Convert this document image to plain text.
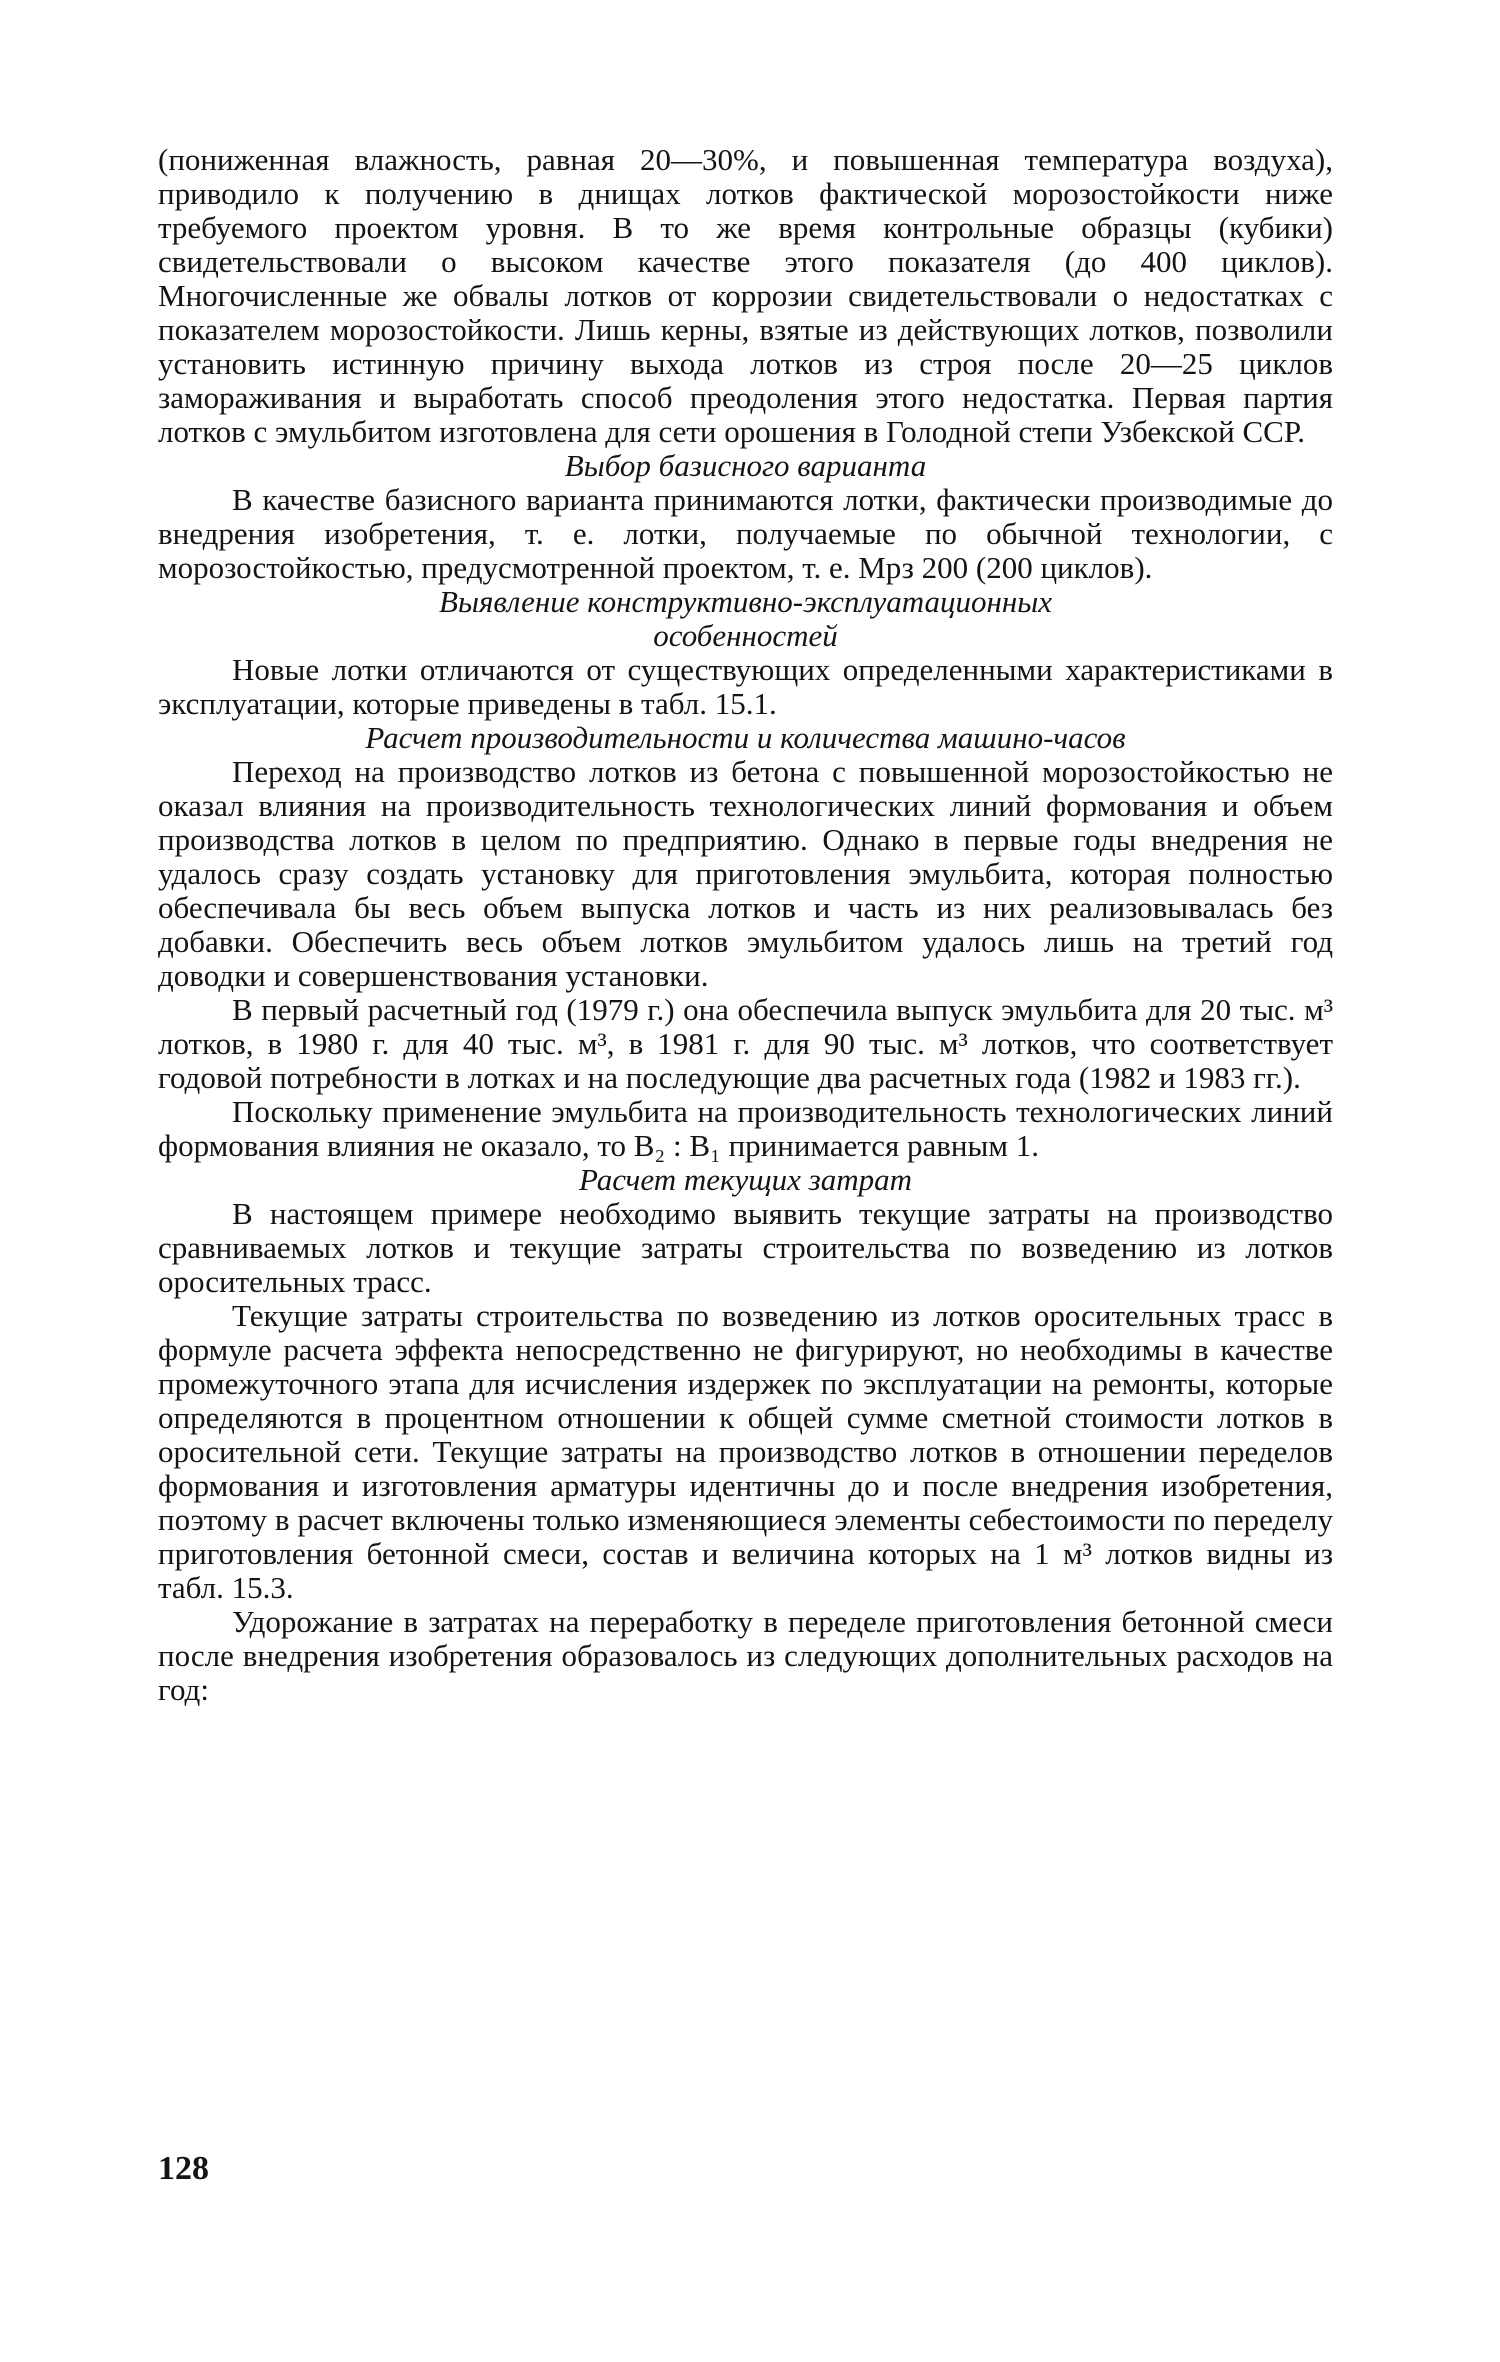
(пониженная влажность, равная 20—30%, и повышенная температура воздуха), приводило к получению в днищах лотков фактической морозостойкости ниже требуемого проектом уровня. В то же время контрольные образцы (кубики) свидетельствовали о высоком качестве этого показателя (до 400 циклов). Многочисленные же обвалы лотков от коррозии свидетельствовали о недостатках с показателем морозостойкости. Лишь керны, взятые из действующих лотков, позволили установить истинную причину выхода лотков из строя после 20—25 циклов замораживания и выработать способ преодоления этого недостатка. Первая партия лотков с эмульбитом изготовлена для сети орошения в Голодной степи Узбекской ССР.

Выбор базисного варианта

В качестве базисного варианта принимаются лотки, фактически производимые до внедрения изобретения, т. е. лотки, получаемые по обычной технологии, с морозостойкостью, предусмотренной проектом, т. е. Мрз 200 (200 циклов).

Выявление конструктивно-эксплуатационных особенностей

Новые лотки отличаются от существующих определенными характеристиками в эксплуатации, которые приведены в табл. 15.1.

Расчет производительности и количества машино-часов

Переход на производство лотков из бетона с повышенной морозостойкостью не оказал влияния на производительность технологических линий формования и объем производства лотков в целом по предприятию. Однако в первые годы внедрения не удалось сразу создать установку для приготовления эмульбита, которая полностью обеспечивала бы весь объем выпуска лотков и часть из них реализовывалась без добавки. Обеспечить весь объем лотков эмульбитом удалось лишь на третий год доводки и совершенствования установки.

В первый расчетный год (1979 г.) она обеспечила выпуск эмульбита для 20 тыс. м³ лотков, в 1980 г. для 40 тыс. м³, в 1981 г. для 90 тыс. м³ лотков, что соответствует годовой потребности в лотках и на последующие два расчетных года (1982 и 1983 гг.).

Поскольку применение эмульбита на производительность технологических линий формования влияния не оказало, то B₂ : B₁ принимается равным 1.

Расчет текущих затрат

В настоящем примере необходимо выявить текущие затраты на производство сравниваемых лотков и текущие затраты строительства по возведению из лотков оросительных трасс.

Текущие затраты строительства по возведению из лотков оросительных трасс в формуле расчета эффекта непосредственно не фигурируют, но необходимы в качестве промежуточного этапа для исчисления издержек по эксплуатации на ремонты, которые определяются в процентном отношении к общей сумме сметной стоимости лотков в оросительной сети. Текущие затраты на производство лотков в отношении переделов формования и изготовления арматуры идентичны до и после внедрения изобретения, поэтому в расчет включены только изменяющиеся элементы себестоимости по переделу приготовления бетонной смеси, состав и величина которых на 1 м³ лотков видны из табл. 15.3.

Удорожание в затратах на переработку в переделе приготовления бетонной смеси после внедрения изобретения образовалось из следующих дополнительных расходов на год:

128
